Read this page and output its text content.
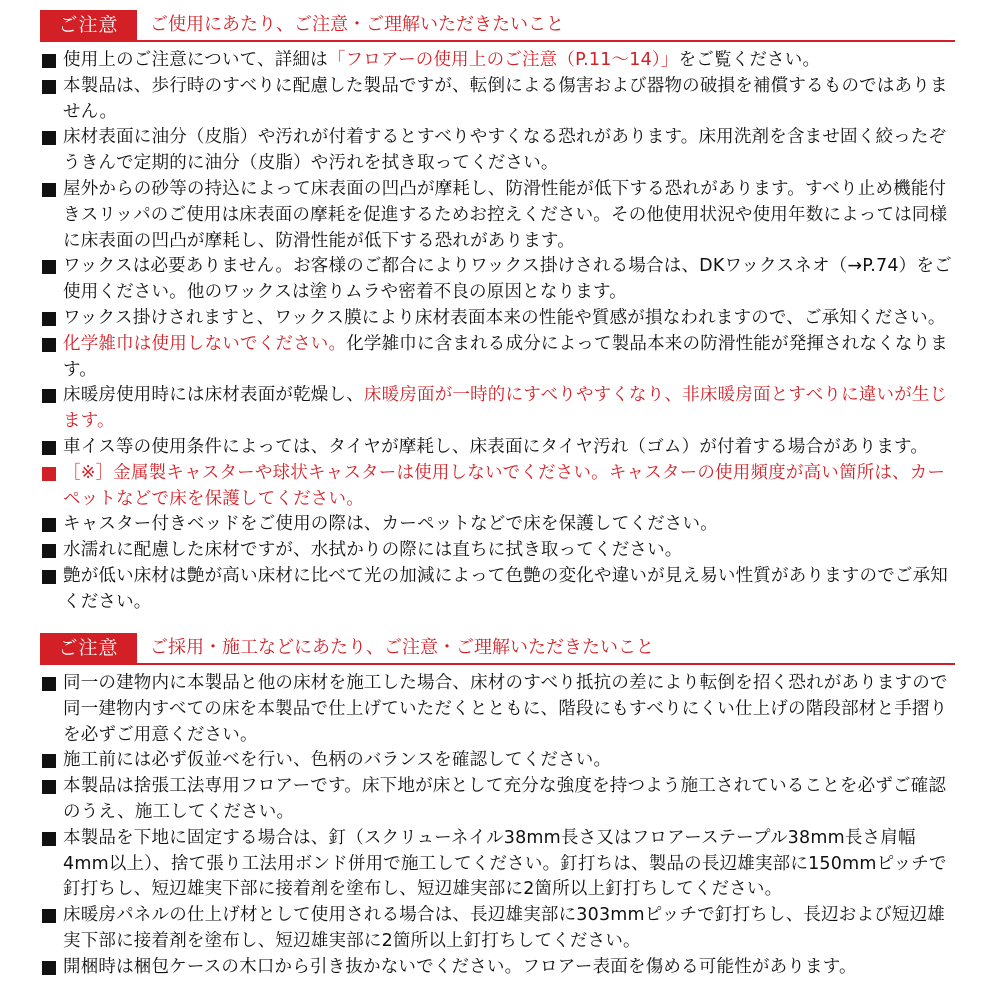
ご注意	ご使用にあたり、ご注意・ご理解いただきたいこと
使用上のご注意について、詳細は「フロアーの使用上のご注意（P.11〜14）」をご覧ください。
本製品は、歩行時のすべりに配慮した製品ですが、転倒による傷害および器物の破損を補償するものではありません。
床材表面に油分（皮脂）や汚れが付着するとすべりやすくなる恐れがあります。床用洗剤を含ませ固く絞ったぞうきんで定期的に油分（皮脂）や汚れを拭き取ってください。
屋外からの砂等の持込によって床表面の凹凸が摩耗し、防滑性能が低下する恐れがあります。すべり止め機能付きスリッパのご使用は床表面の摩耗を促進するためお控えください。その他使用状況や使用年数によっては同様に床表面の凹凸が摩耗し、防滑性能が低下する恐れがあります。
ワックスは必要ありません。お客様のご都合によりワックス掛けされる場合は、DKワックスネオ（→P.74）をご使用ください。他のワックスは塗りムラや密着不良の原因となります。
ワックス掛けされますと、ワックス膜により床材表面本来の性能や質感が損なわれますので、ご承知ください。
化学雑巾は使用しないでください。化学雑巾に含まれる成分によって製品本来の防滑性能が発揮されなくなります。
床暖房使用時には床材表面が乾燥し、床暖房面が一時的にすべりやすくなり、非床暖房面とすべりに違いが生じます。
車イス等の使用条件によっては、タイヤが摩耗し、床表面にタイヤ汚れ（ゴム）が付着する場合があります。
［※］金属製キャスターや球状キャスターは使用しないでください。キャスターの使用頻度が高い箇所は、カーペットなどで床を保護してください。
キャスター付きベッドをご使用の際は、カーペットなどで床を保護してください。
水濡れに配慮した床材ですが、水拭かりの際には直ちに拭き取ってください。
艶が低い床材は艶が高い床材に比べて光の加減によって色艶の変化や違いが見え易い性質がありますのでご承知ください。
ご注意	ご採用・施工などにあたり、ご注意・ご理解いただきたいこと
同一の建物内に本製品と他の床材を施工した場合、床材のすべり抵抗の差により転倒を招く恐れがありますので同一建物内すべての床を本製品で仕上げていただくとともに、階段にもすべりにくい仕上げの階段部材と手摺りを必ずご用意ください。
施工前には必ず仮並べを行い、色柄のバランスを確認してください。
本製品は捨張工法専用フロアーです。床下地が床として充分な強度を持つよう施工されていることを必ずご確認のうえ、施工してください。
本製品を下地に固定する場合は、釘（スクリューネイル38mm長さ又はフロアーステープル38mm長さ肩幅4mm以上）、捨て張り工法用ボンド併用で施工してください。釘打ちは、製品の長辺雄実部に150mmピッチで釘打ちし、短辺雄実下部に接着剤を塗布し、短辺雄実部に2箇所以上釘打ちしてください。
床暖房パネルの仕上げ材として使用される場合は、長辺雄実部に303mmピッチで釘打ちし、長辺および短辺雄実下部に接着剤を塗布し、短辺雄実部に2箇所以上釘打ちしてください。
開梱時は梱包ケースの木口から引き抜かないでください。フロアー表面を傷める可能性があります。
